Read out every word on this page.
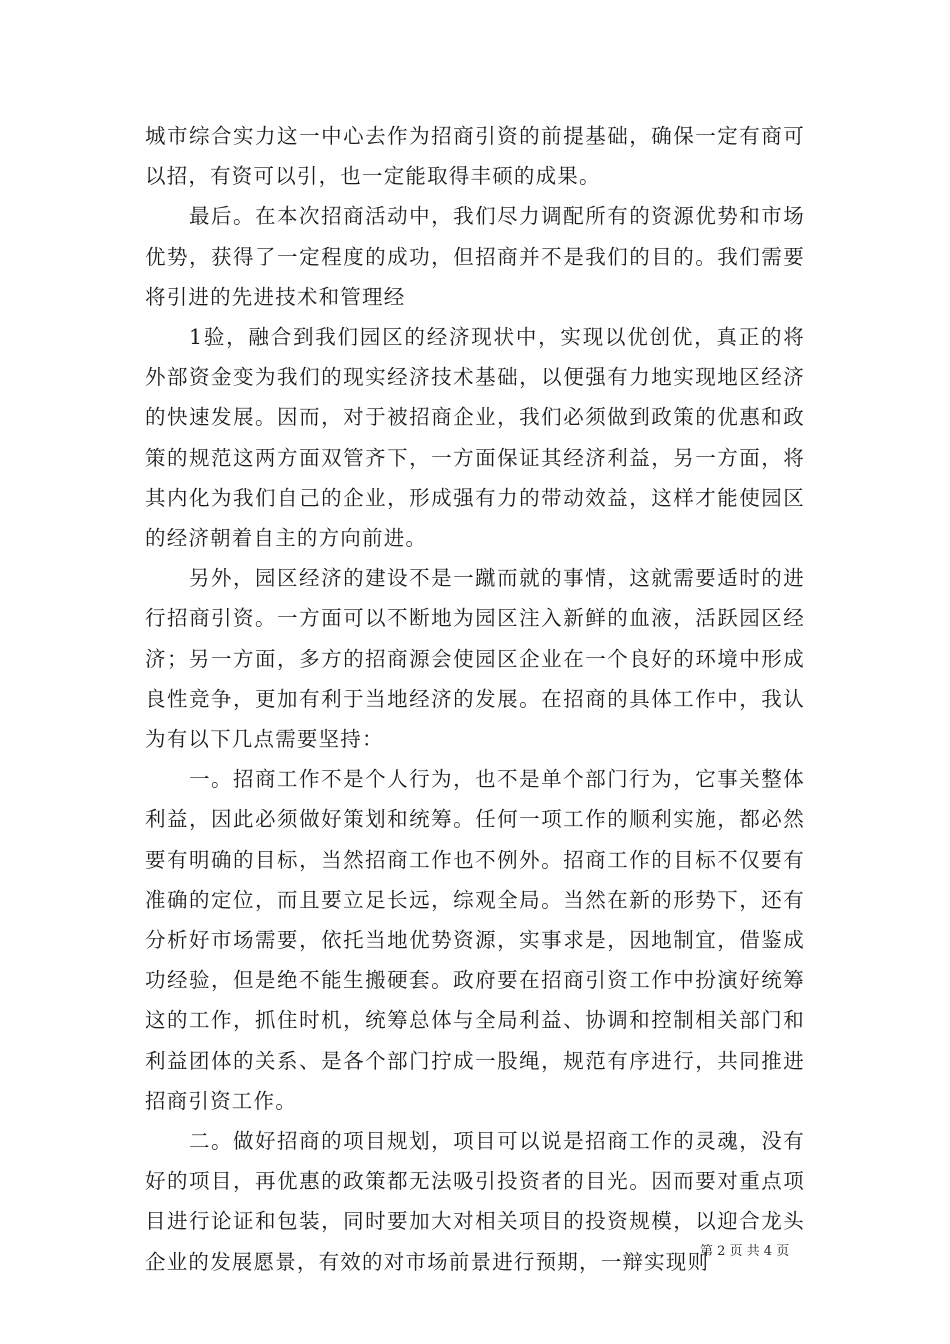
城市综合实力这一中心去作为招商引资的前提基础，确保一定有商可以招，有资可以引，也一定能取得丰硕的成果。

最后。在本次招商活动中，我们尽力调配所有的资源优势和市场优势，获得了一定程度的成功，但招商并不是我们的目的。我们需要将引进的先进技术和管理经

1验，融合到我们园区的经济现状中，实现以优创优，真正的将外部资金变为我们的现实经济技术基础，以便强有力地实现地区经济的快速发展。因而，对于被招商企业，我们必须做到政策的优惠和政策的规范这两方面双管齐下，一方面保证其经济利益，另一方面，将其内化为我们自己的企业，形成强有力的带动效益，这样才能使园区的经济朝着自主的方向前进。

另外，园区经济的建设不是一蹴而就的事情，这就需要适时的进行招商引资。一方面可以不断地为园区注入新鲜的血液，活跃园区经济；另一方面，多方的招商源会使园区企业在一个良好的环境中形成良性竞争，更加有利于当地经济的发展。在招商的具体工作中，我认为有以下几点需要坚持：

一。招商工作不是个人行为，也不是单个部门行为，它事关整体利益，因此必须做好策划和统筹。任何一项工作的顺利实施，都必然要有明确的目标，当然招商工作也不例外。招商工作的目标不仅要有准确的定位，而且要立足长远，综观全局。当然在新的形势下，还有分析好市场需要，依托当地优势资源，实事求是，因地制宜，借鉴成功经验，但是绝不能生搬硬套。政府要在招商引资工作中扮演好统筹这的工作，抓住时机，统筹总体与全局利益、协调和控制相关部门和利益团体的关系、是各个部门拧成一股绳，规范有序进行，共同推进招商引资工作。

二。做好招商的项目规划，项目可以说是招商工作的灵魂，没有好的项目，再优惠的政策都无法吸引投资者的目光。因而要对重点项目进行论证和包装，同时要加大对相关项目的投资规模，以迎合龙头企业的发展愿景，有效的对市场前景进行预期，一辩实现则

第 2 页 共 4 页
